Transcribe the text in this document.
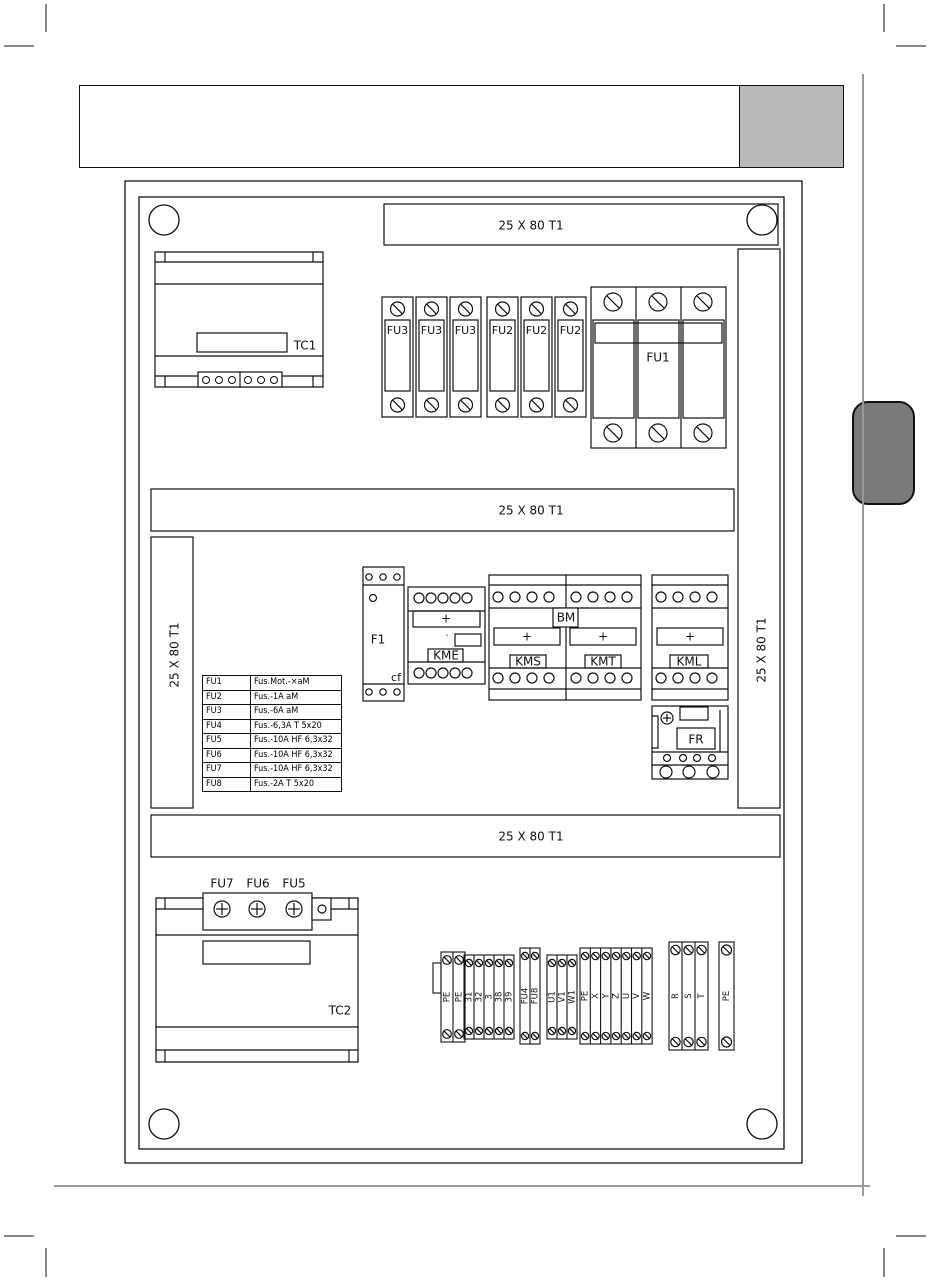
25 X 80 T1
25 X 80 T1
25 X 80 T1
25 X 80 T1	25 X 80 T1
TC1
FU3 FU3 FU3 FU2 FU2 FU2
FU1
F1
cf
+
·
KME
BM
+	+
KMS	KMT
+
KML
FR
FU7 FU6 FU5
TC2
PE PE 31 32 3 38 39 FU4 FU8 U1 V1 W1 PE X Y Z U V W R S T PE
FU1	Fus.Mot.-×aM
FU2	Fus.-1A aM
FU3	Fus.-6A aM
FU4	Fus.-6,3A T 5x20
FU5	Fus.-10A HF 6,3x32
FU6	Fus.-10A HF 6,3x32
FU7	Fus.-10A HF 6,3x32
FU8	Fus.-2A T 5x20
